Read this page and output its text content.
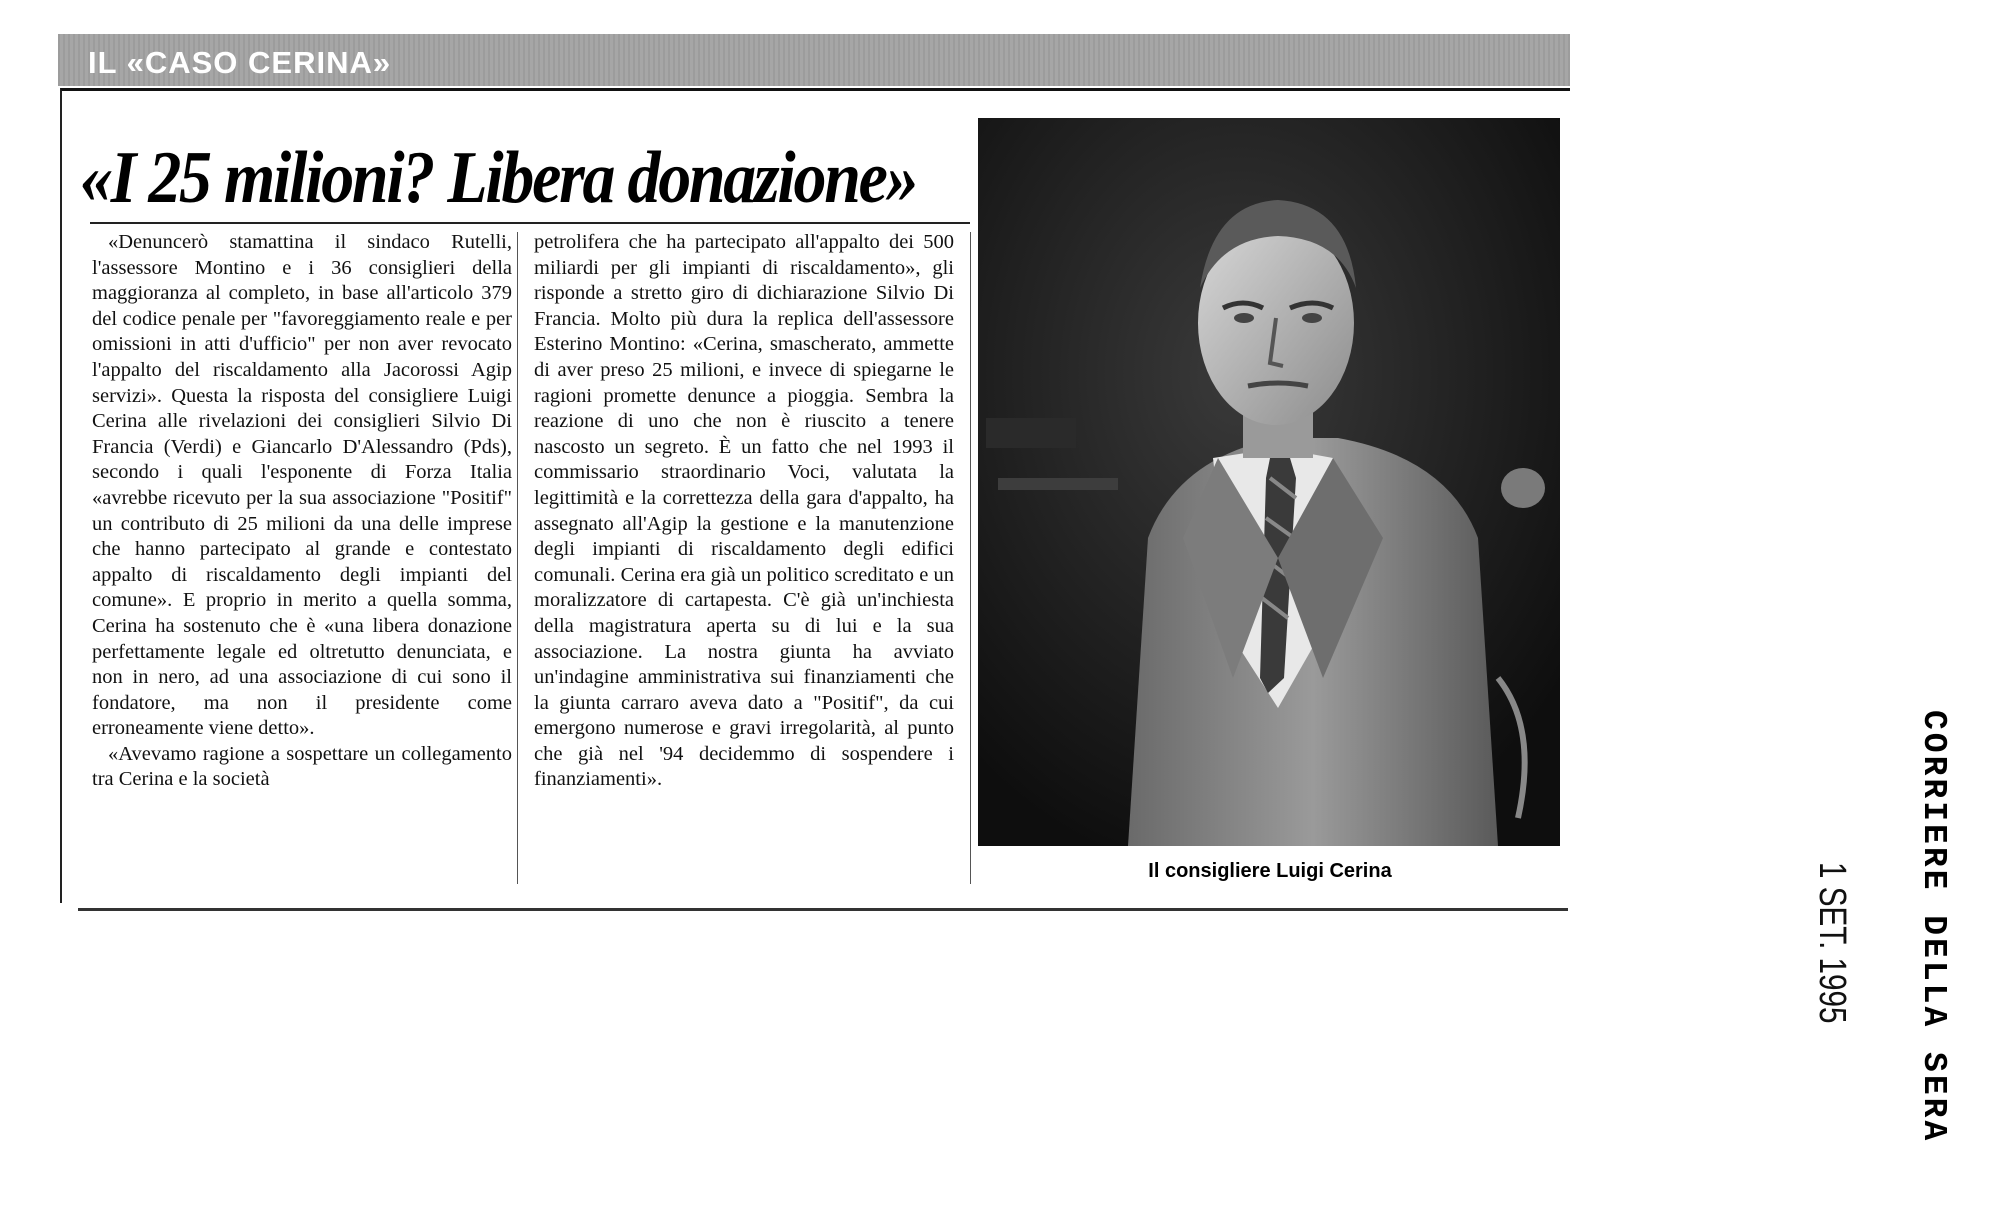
IL «CASO CERINA»
«I 25 milioni? Libera donazione»

«Denuncerò stamattina il sindaco Rutelli, l'assessore Montino e i 36 consiglieri della maggioranza al completo, in base all'articolo 379 del codice penale per "favoreggiamento reale e per omissioni in atti d'ufficio" per non aver revocato l'appalto del riscaldamento alla Jacorossi Agip servizi». Questa la risposta del consigliere Luigi Cerina alle rivelazioni dei consiglieri Silvio Di Francia (Verdi) e Giancarlo D'Alessandro (Pds), secondo i quali l'esponente di Forza Italia «avrebbe ricevuto per la sua associazione "Positif" un contributo di 25 milioni da una delle imprese che hanno partecipato al grande e contestato appalto di riscaldamento degli impianti del comune». E proprio in merito a quella somma, Cerina ha sostenuto che è «una libera donazione perfettamente legale ed oltretutto denunciata, e non in nero, ad una associazione di cui sono il fondatore, ma non il presidente come erroneamente viene detto».

«Avevamo ragione a sospettare un collegamento tra Cerina e la società

petrolifera che ha partecipato all'appalto dei 500 miliardi per gli impianti di riscaldamento», gli risponde a stretto giro di dichiarazione Silvio Di Francia. Molto più dura la replica dell'assessore Esterino Montino: «Cerina, smascherato, ammette di aver preso 25 milioni, e invece di spiegarne le ragioni promette denunce a pioggia. Sembra la reazione di uno che non è riuscito a tenere nascosto un segreto. È un fatto che nel 1993 il commissario straordinario Voci, valutata la legittimità e la correttezza della gara d'appalto, ha assegnato all'Agip la gestione e la manutenzione degli impianti di riscaldamento degli edifici comunali. Cerina era già un politico screditato e un moralizzatore di cartapesta. C'è già un'inchiesta della magistratura aperta su di lui e la sua associazione. La nostra giunta ha avviato un'indagine amministrativa sui finanziamenti che la giunta carraro aveva dato a "Positif", da cui emergono numerose e gravi irregolarità, al punto che già nel '94 decidemmo di sospendere i finanziamenti».

Il consigliere Luigi Cerina	CORRIERE DELLA SERA
1 SET. 1995
